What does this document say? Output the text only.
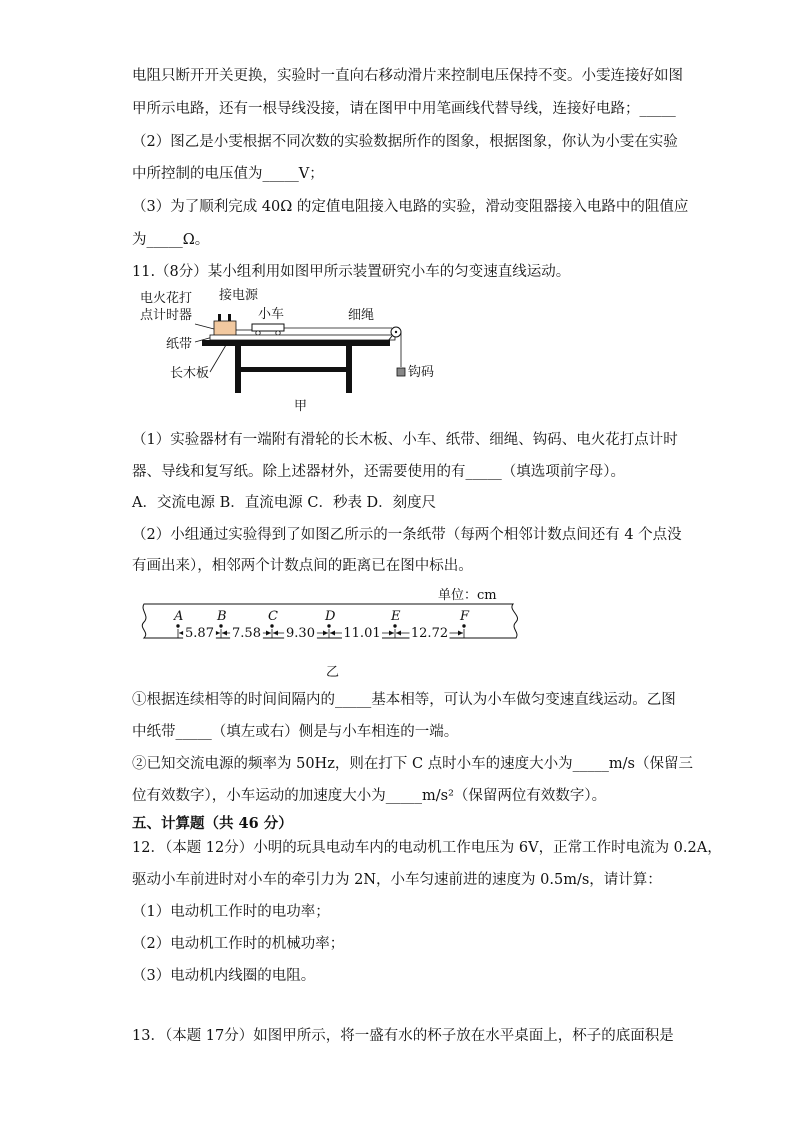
电阻只断开开关更换，实验时一直向右移动滑片来控制电压保持不变。小雯连接好如图
甲所示电路，还有一根导线没接，请在图甲中用笔画线代替导线，连接好电路；_____
（2）图乙是小雯根据不同次数的实验数据所作的图象，根据图象，你认为小雯在实验
中所控制的电压值为_____V；
（3）为了顺利完成 40Ω 的定值电阻接入电路的实验，滑动变阻器接入电路中的阻值应
为_____Ω。
11.（8分）某小组利用如图甲所示装置研究小车的匀变速直线运动。
电火花打
点计时器
接电源
小车	细绳
纸带
长木板	钩码
甲
（1）实验器材有一端附有滑轮的长木板、小车、纸带、细绳、钩码、电火花打点计时
器、导线和复写纸。除上述器材外，还需要使用的有_____（填选项前字母）。
A．交流电源 B．直流电源 C．秒表 D．刻度尺
（2）小组通过实验得到了如图乙所示的一条纸带（每两个相邻计数点间还有 4 个点没
有画出来），相邻两个计数点间的距离已在图中标出。
单位：cm
A	B	C	D	E	F
5.87 7.58 9.30 11.01 12.72
乙
①根据连续相等的时间间隔内的_____基本相等，可认为小车做匀变速直线运动。乙图
中纸带_____（填左或右）侧是与小车相连的一端。
②已知交流电源的频率为 50Hz，则在打下 C 点时小车的速度大小为_____m/s（保留三
位有效数字），小车运动的加速度大小为_____m/s²（保留两位有效数字）。
五、计算题（共 46 分）
12．（本题 12分）小明的玩具电动车内的电动机工作电压为 6V，正常工作时电流为 0.2A，
驱动小车前进时对小车的牵引力为 2N，小车匀速前进的速度为 0.5m/s，请计算：
（1）电动机工作时的电功率；
（2）电动机工作时的机械功率；
（3）电动机内线圈的电阻。
13．（本题 17分）如图甲所示，将一盛有水的杯子放在水平桌面上，杯子的底面积是
